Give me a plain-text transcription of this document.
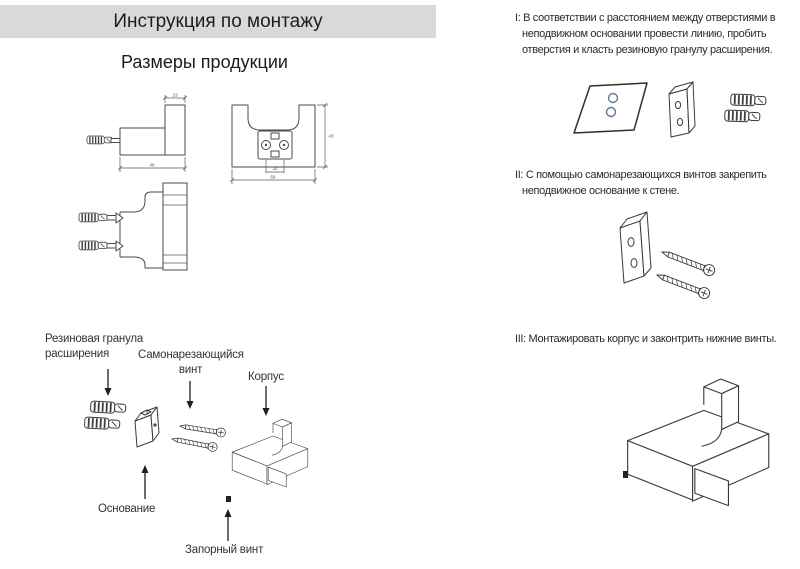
Инструкция по монтажу
Размеры продукции
23
48
32
58
43
Резиновая гранула
расширения	Самонарезающийся
винт
Корпус
Основание
Запорный винт
I: В соответствии с расстоянием между отверстиями в
неподвижном основании провести линию, пробить
отверстия и класть резиновую гранулу расширения.
II: С помощью самонарезающихся винтов закрепить
неподвижное основание к стене.
III: Монтажировать корпус и законтрить нижние винты.
